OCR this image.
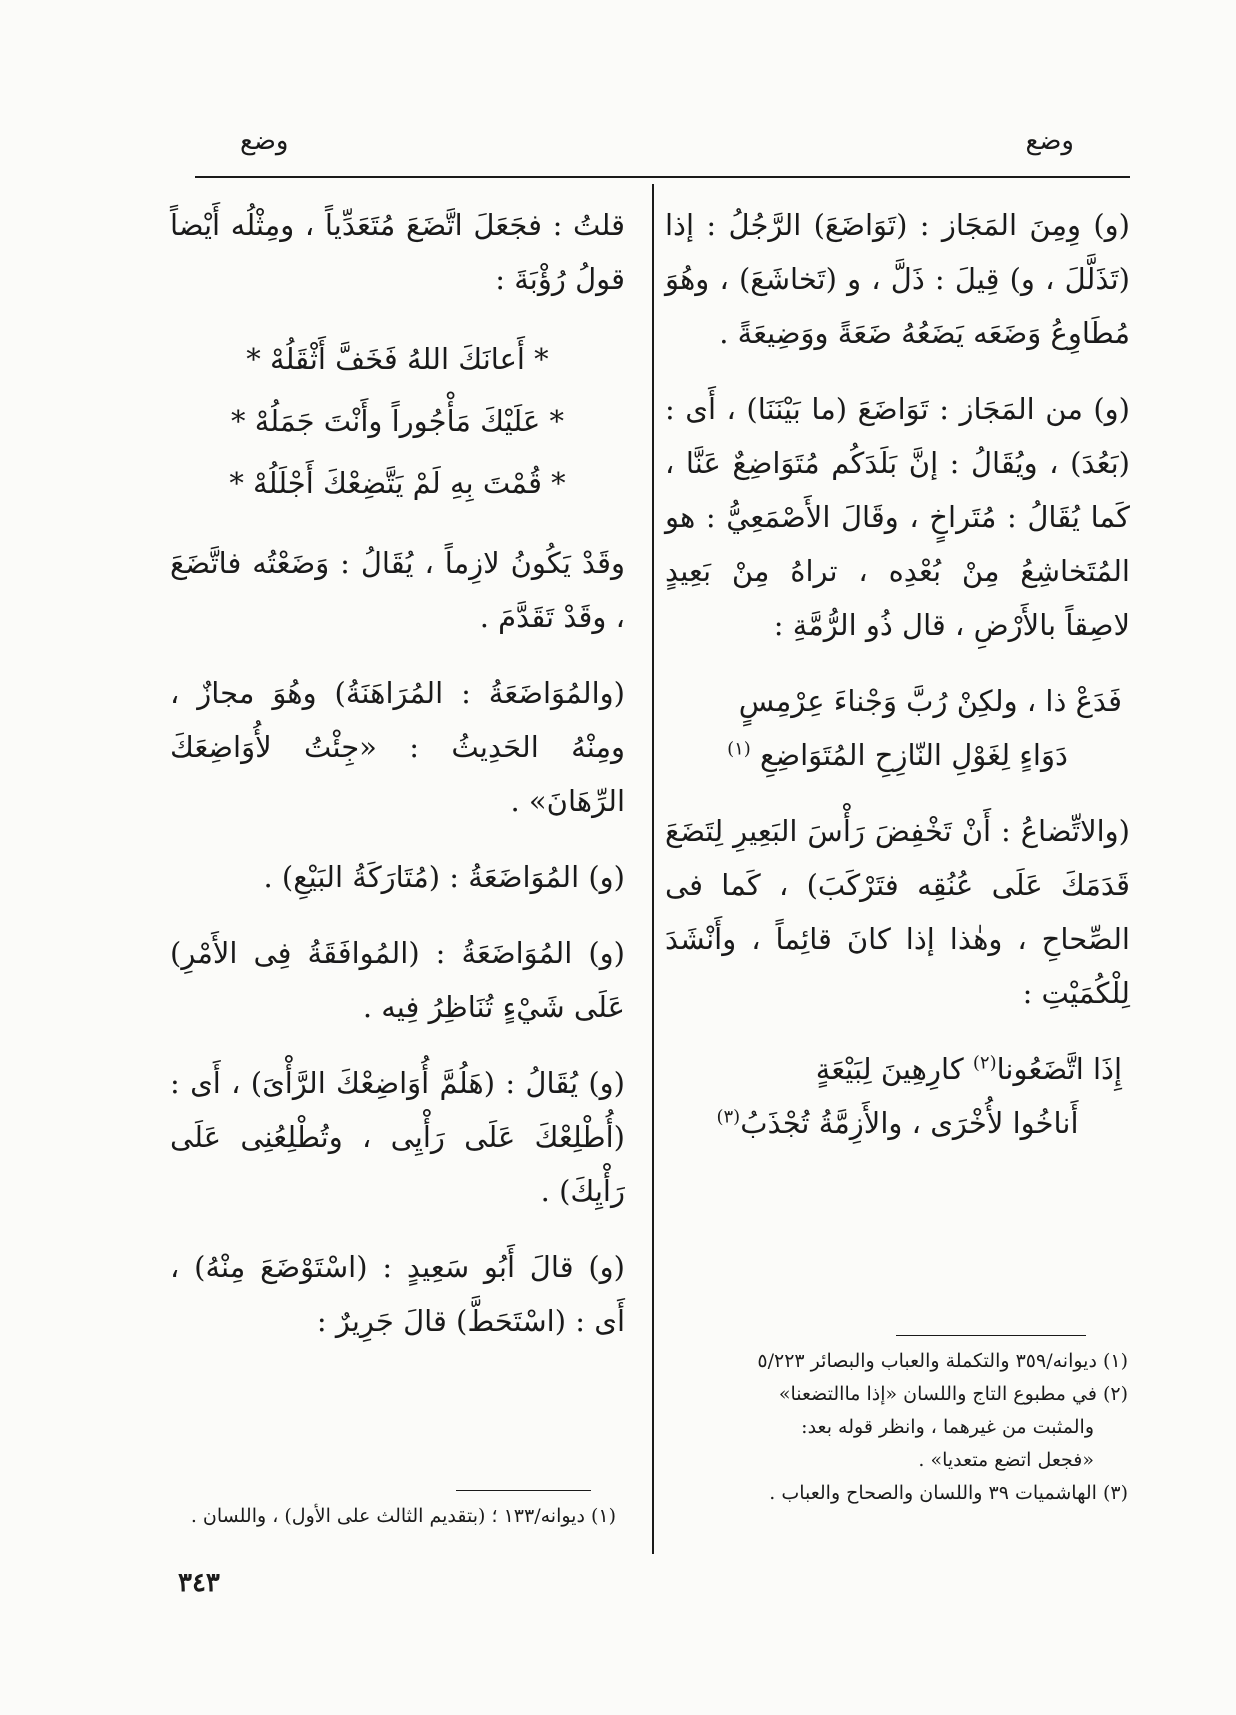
وضع
وضع

(و) وِمِنَ المَجَاز : (تَوَاضَعَ) الرَّجُلُ : إذا (تَذَلَّلَ ، و) قِيلَ : ذَلَّ ، و (تَخاشَعَ) ، وهُوَ مُطَاوِعُ وَضَعَه يَضَعُهُ ضَعَةً ووَضِيعَةً .

(و) من المَجَاز : تَوَاضَعَ (ما بَيْنَنَا) ، أَى : (بَعُدَ) ، ويُقَالُ : إنَّ بَلَدَكُم مُتَوَاضِعٌ عَنَّا ، كَما يُقَالُ : مُتَراخٍ ، وقَالَ الأَصْمَعِيُّ : هو المُتَخاشِعُ مِنْ بُعْدِه ، تراهُ مِنْ بَعِيدٍ لاصِقاً بالأَرْضِ ، قال ذُو الرُّمَّةِ :

فَدَعْ ذا ، ولكِنْ رُبَّ وَجْناءَ عِرْمِسٍ
دَوَاءٍ لِغَوْلِ النّازِحِ المُتَوَاضِعِ $^{(١)}$

(والاتِّضاعُ : أَنْ تَخْفِضَ رَأْسَ البَعِيرِ لِتَضَعَ قَدَمَكَ عَلَى عُنُقِه فتَرْكَبَ) ، كَما فى الصِّحاحِ ، وهٰذا إذا كانَ قائِماً ، وأَنْشَدَ لِلْكُمَيْتِ :

إِذَا اتَّضَعُونا$^{(٢)}$ كارِهِينَ لِبَيْعَةٍ
أَناخُوا لأُخْرَى ، والأَزِمَّةُ تُجْذَبُ$^{(٣)}$

قلتُ : فجَعَلَ اتَّضَعَ مُتَعَدِّياً ، ومِثْلُه أَيْضاً قولُ رُؤْبَةَ :

* أَعانَكَ اللهُ فَخَفَّ أَثْقَلُهْ *
* عَلَيْكَ مَأْجُوراً وأَنْتَ جَمَلُهْ *
* قُمْتَ بِهِ لَمْ يَتَّضِعْكَ أَجْلَلُهْ *

وقَدْ يَكُونُ لازِماً ، يُقَالُ : وَضَعْتُه فاتَّضَعَ ، وقَدْ تَقَدَّمَ .

(والمُوَاضَعَةُ : المُرَاهَنَةُ) وهُوَ مجازٌ ، ومِنْهُ الحَدِيثُ : «جِئْتُ لأُوَاضِعَكَ الرِّهَانَ» .

(و) المُوَاضَعَةُ : (مُتَارَكَةُ البَيْعِ) .

(و) المُوَاضَعَةُ : (المُوافَقَةُ فِى الأَمْرِ) عَلَى شَيْءٍ تُنَاظِرُ فِيه .

(و) يُقَالُ : (هَلُمَّ أُوَاضِعْكَ الرَّأْىَ) ، أَى : (أُطْلِعْكَ عَلَى رَأْيِى ، وتُطْلِعُنِى عَلَى رَأْيِكَ) .

(و) قالَ أَبُو سَعِيدٍ : (اسْتَوْضَعَ مِنْهُ) ، أَى : (اسْتَحَطَّ) قالَ جَرِيرٌ :

(١) ديوانه/٣٥٩ والتكملة والعباب والبصائر ٥/٢٢٣
(٢) في مطبوع التاج واللسان «إذا ماالتضعنا»
والمثبت من غيرهما ، وانظر قوله بعد:
«فجعل اتضع متعديا» .
(٣) الهاشميات ٣٩ واللسان والصحاح والعباب .
(١) ديوانه/١٣٣ ؛ (بتقديم الثالث على الأول) ، واللسان .
٣٤٣
